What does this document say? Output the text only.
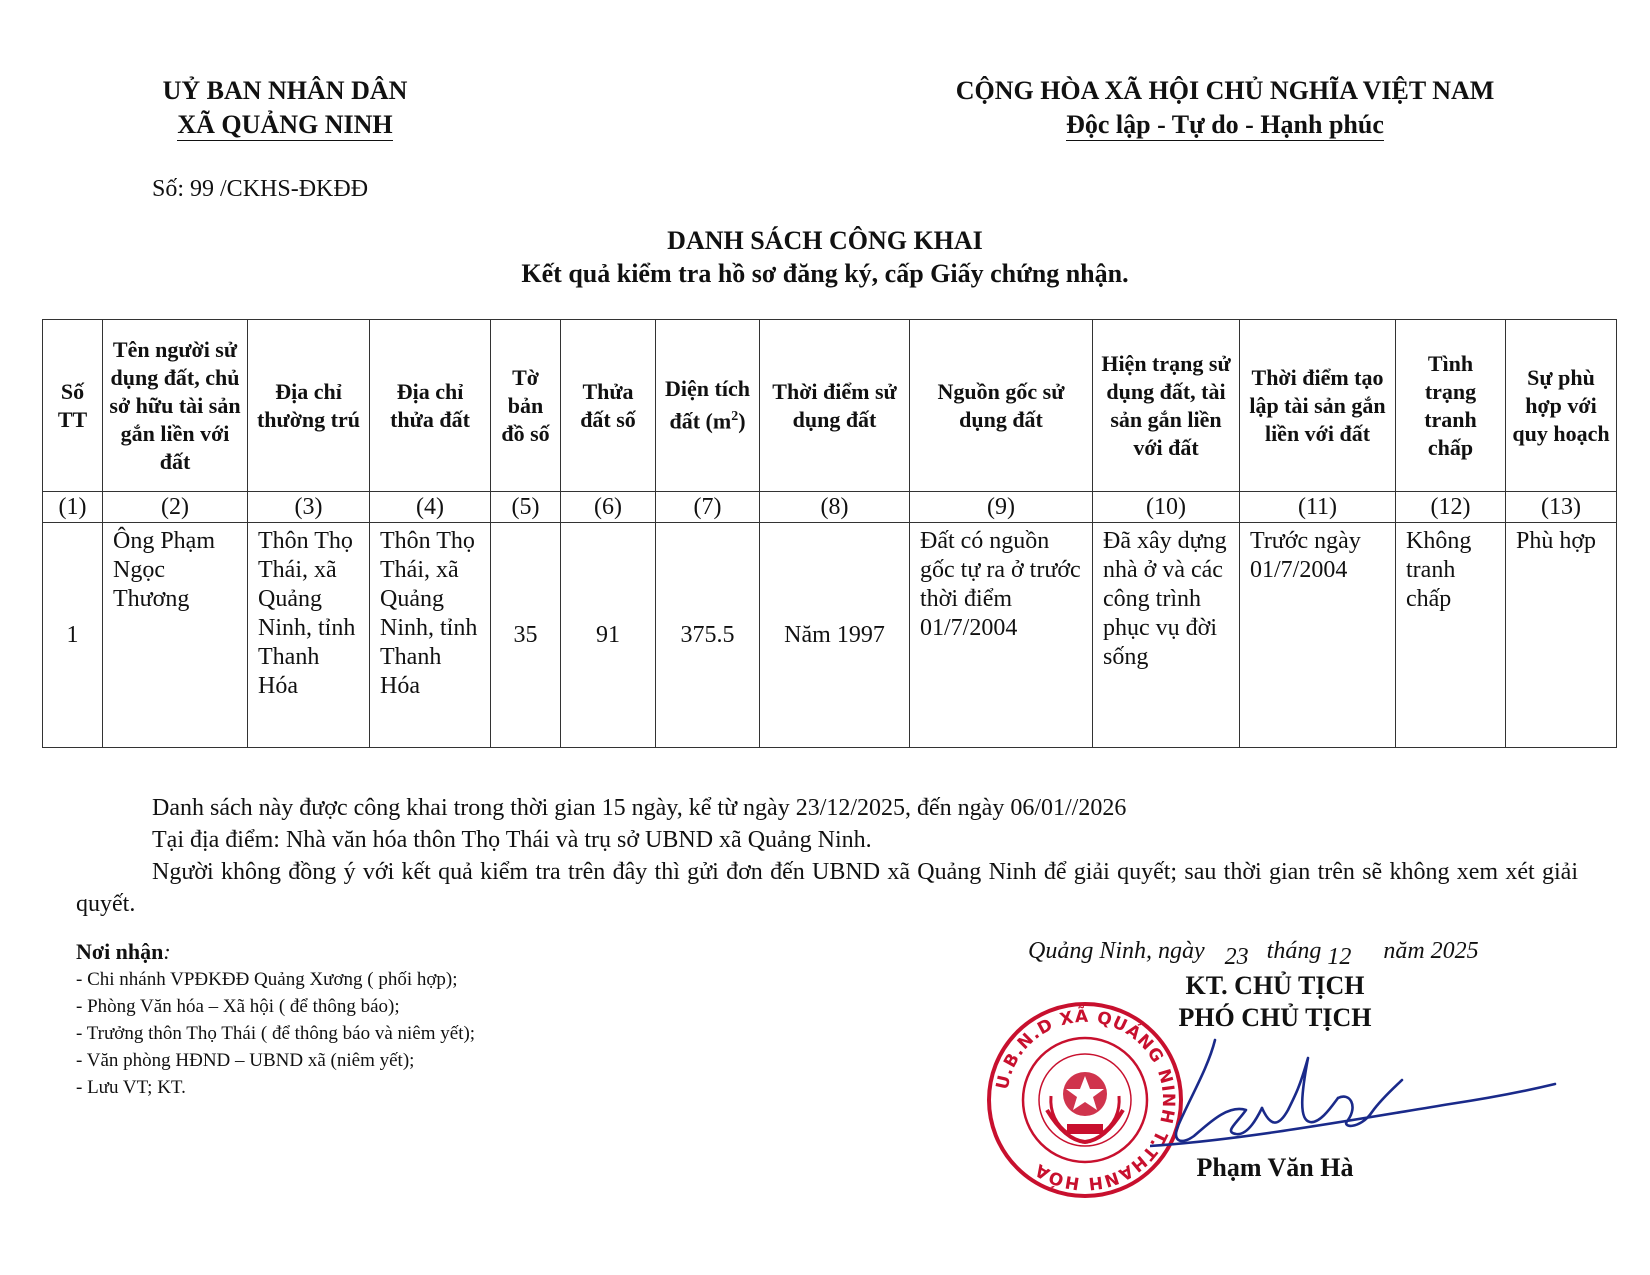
UỶ BAN NHÂN DÂN
XÃ QUẢNG NINH
Số: 99 /CKHS-ĐKĐĐ
CỘNG HÒA XÃ HỘI CHỦ NGHĨA VIỆT NAM
Độc lập - Tự do - Hạnh phúc
DANH SÁCH CÔNG KHAI
Kết quả kiểm tra hồ sơ đăng ký, cấp Giấy chứng nhận.
Số TT	Tên người sử dụng đất, chủ sở hữu tài sản gắn liền với đất	Địa chỉ thường trú	Địa chỉ thửa đất	Tờ bản đồ số	Thửa đất số	Diện tích đất $(m^2)$	Thời điểm sử dụng đất	Nguồn gốc sử dụng đất	Hiện trạng sử dụng đất, tài sản gắn liền với đất	Thời điểm tạo lập tài sản gắn liền với đất	Tình trạng tranh chấp	Sự phù hợp với quy hoạch
(1)	(2)	(3)	(4)	(5)	(6)	(7)	(8)	(9)	(10)	(11)	(12)	(13)
1	Ông Phạm Ngọc Thương	Thôn Thọ Thái, xã Quảng Ninh, tỉnh Thanh Hóa	Thôn Thọ Thái, xã Quảng Ninh, tỉnh Thanh Hóa	35	91	375.5	Năm 1997	Đất có nguồn gốc tự ra ở trước thời điểm 01/7/2004	Đã xây dựng nhà ở và các công trình phục vụ đời sống	Trước ngày 01/7/2004	Không tranh chấp	Phù hợp
Danh sách này được công khai trong thời gian 15 ngày, kể từ ngày 23/12/2025, đến ngày 06/01//2026
Tại địa điểm: Nhà văn hóa thôn Thọ Thái và trụ sở UBND xã Quảng Ninh.
Người không đồng ý với kết quả kiểm tra trên đây thì gửi đơn đến UBND xã Quảng Ninh để giải quyết; sau thời gian trên sẽ không xem xét giải quyết.
Nơi nhận:
- Chi nhánh VPĐKĐĐ Quảng Xương ( phối hợp);
- Phòng Văn hóa – Xã hội ( để thông báo);
- Trưởng thôn Thọ Thái ( để thông báo và niêm yết);
- Văn phòng HĐND – UBND xã (niêm yết);
- Lưu VT; KT.
Quảng Ninh, ngày 23 tháng 12 năm 2025
KT. CHỦ TỊCH
PHÓ CHỦ TỊCH
U.B.N.D XÃ QUẢNG NINH T.THANH HÓA	Phạm Văn Hà
